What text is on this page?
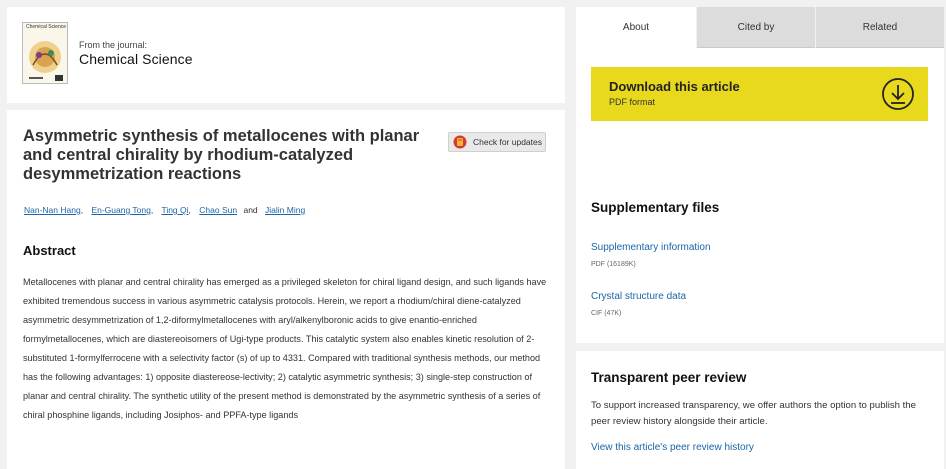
Chemical Science
From the journal:
Chemical Science
Asymmetric synthesis of metallocenes with planar and central chirality by rhodium-catalyzed desymmetrization reactions
Check for updates
Nan-Nan Hang, En-Guang Tong, Ting Qi, Chao Sun and Jialin Ming
Abstract

Metallocenes with planar and central chirality has emerged as a privileged skeleton for chiral ligand design, and such ligands have exhibited tremendous success in various asymmetric catalysis protocols. Herein, we report a rhodium/chiral diene-catalyzed asymmetric desymmetrization of 1,2-diformylmetallocenes with aryl/alkenylboronic acids to give enantio-enriched formylmetallocenes, which are diastereoisomers of Ugi-type products. This catalytic system also enables kinetic resolution of 2-substituted 1-formylferrocene with a selectivity factor (s) of up to 4331. Compared with traditional synthesis methods, our method has the following advantages: 1) opposite diastereose-lectivity; 2) catalytic asymmetric synthesis; 3) single-step construction of planar and central chirality. The synthetic utility of the present method is demonstrated by the asymmetric synthesis of a series of chiral phosphine ligands, including Josiphos- and PPFA-type ligands

About	Cited by	Related
Download this article
PDF format
Supplementary files
Supplementary information
PDF (16189K)
Crystal structure data
CIF (47K)
Transparent peer review

To support increased transparency, we offer authors the option to publish the peer review history alongside their article.

View this article's peer review history
